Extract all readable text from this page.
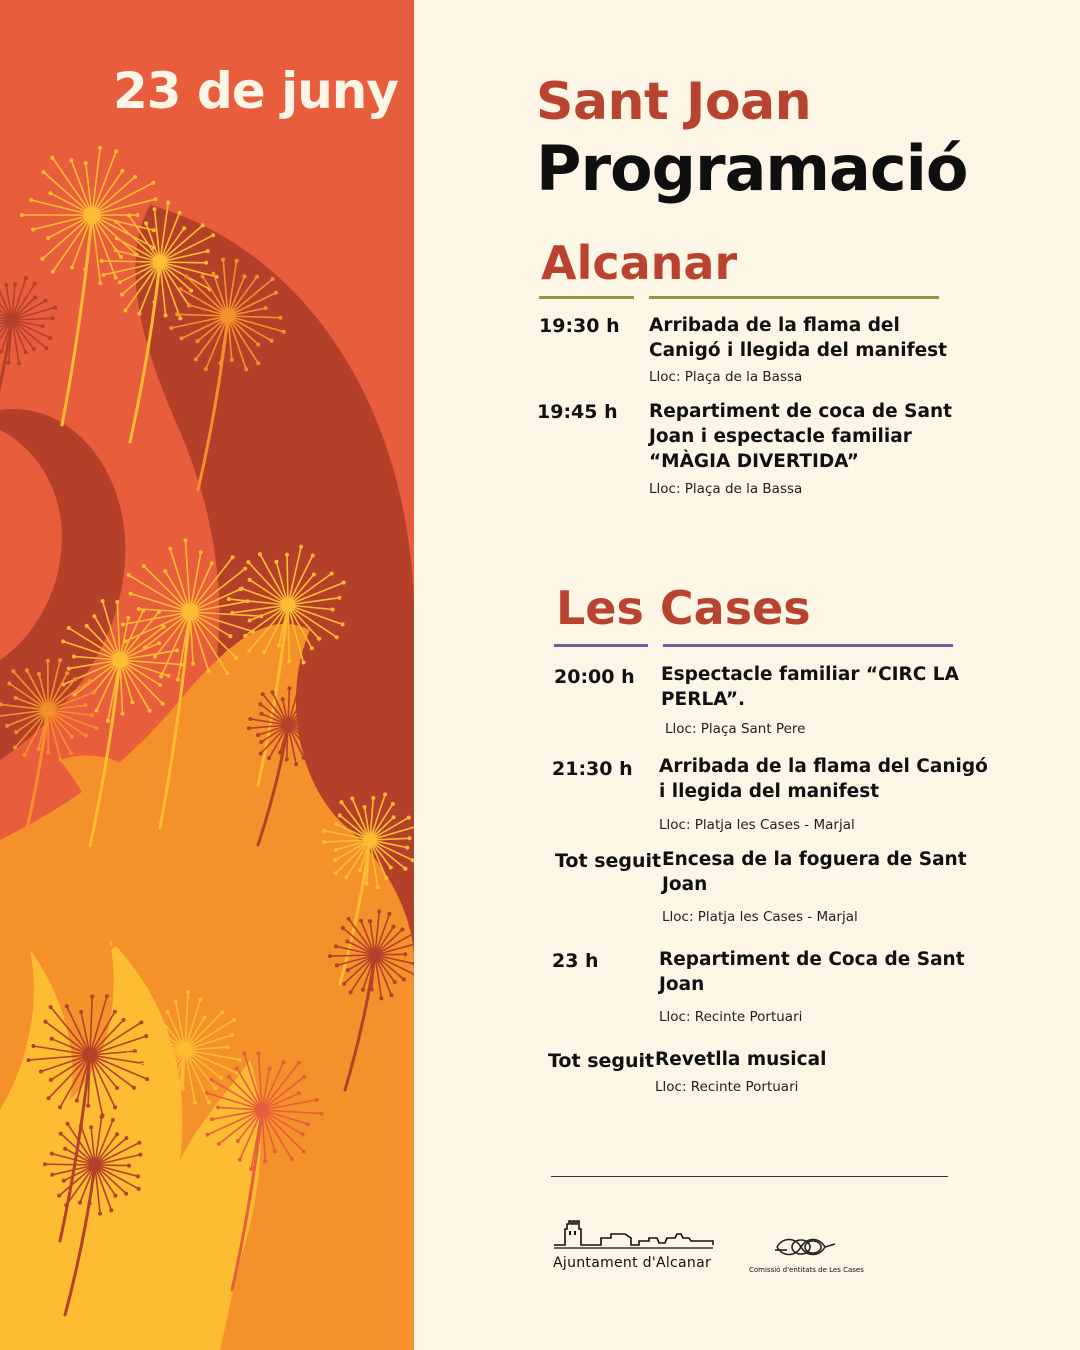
23 de juny	Sant Joan
Programació
Alcanar
19:30 h Arribada de la flama del
Canigó i llegida del manifest
Lloc: Plaça de la Bassa
19:45 h Repartiment de coca de Sant
Joan i espectacle familiar
“MÀGIA DIVERTIDA”
Lloc: Plaça de la Bassa
Les Cases
20:00 h Espectacle familiar “CIRC LA
PERLA”.
Lloc: Plaça Sant Pere
21:30 h Arribada de la flama del Canigó
i llegida del manifest
Lloc: Platja les Cases - Marjal
Tot seguit Encesa de la foguera de Sant
Joan
Lloc: Platja les Cases - Marjal
23 h	Repartiment de Coca de Sant
Joan
Lloc: Recinte Portuari
Tot seguit Revetlla musical
Lloc: Recinte Portuari
Ajuntament d'Alcanar	Comissió d'entitats de Les Cases
